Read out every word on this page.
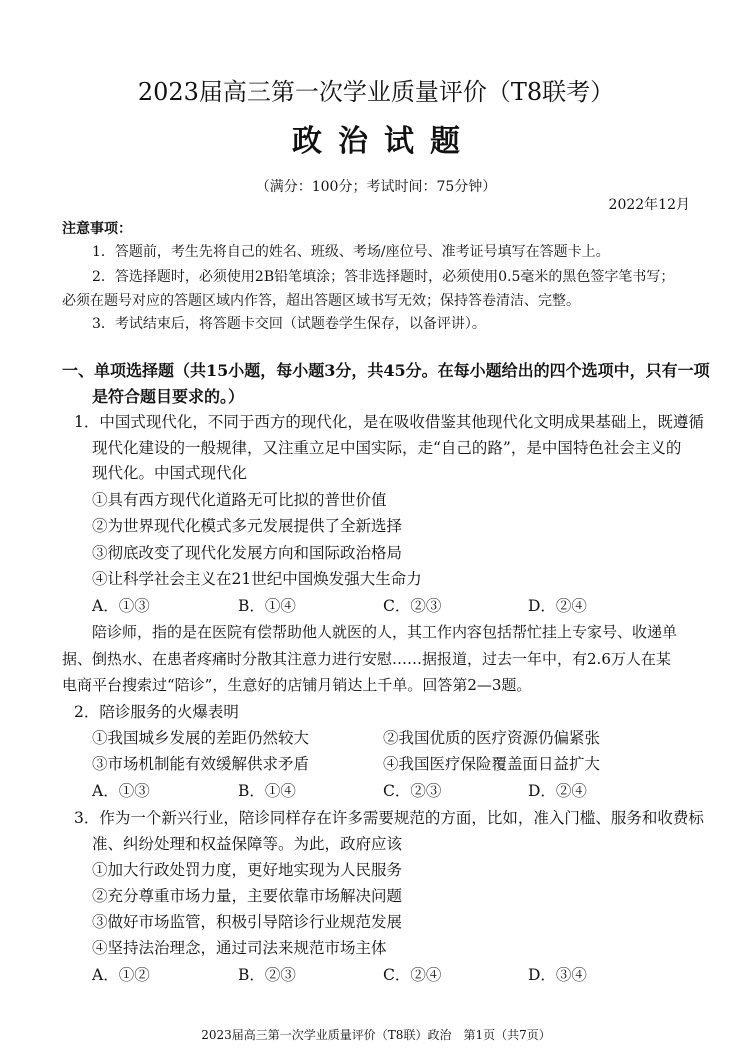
2023届高三第一次学业质量评价（T8联考）
政治试题
（满分：100分；考试时间：75分钟）
2022年12月
注意事项：
1．答题前，考生先将自己的姓名、班级、考场/座位号、准考证号填写在答题卡上。
2．答选择题时，必须使用2B铅笔填涂；答非选择题时，必须使用0.5毫米的黑色签字笔书写；
必须在题号对应的答题区域内作答，超出答题区域书写无效；保持答卷清洁、完整。
3．考试结束后，将答题卡交回（试题卷学生保存，以备评讲）。
一、单项选择题（共15小题，每小题3分，共45分。在每小题给出的四个选项中，只有一项
是符合题目要求的。）
1．中国式现代化，不同于西方的现代化，是在吸收借鉴其他现代化文明成果基础上，既遵循
现代化建设的一般规律，又注重立足中国实际，走“自己的路”，是中国特色社会主义的
现代化。中国式现代化
①具有西方现代化道路无可比拟的普世价值
②为世界现代化模式多元发展提供了全新选择
③彻底改变了现代化发展方向和国际政治格局
④让科学社会主义在21世纪中国焕发强大生命力
A．①③	B．①④	C．②③	D．②④
陪诊师，指的是在医院有偿帮助他人就医的人，其工作内容包括帮忙挂上专家号、收递单
据、倒热水、在患者疼痛时分散其注意力进行安慰……据报道，过去一年中，有2.6万人在某
电商平台搜索过“陪诊”，生意好的店铺月销达上千单。回答第2—3题。
2．陪诊服务的火爆表明
①我国城乡发展的差距仍然较大	②我国优质的医疗资源仍偏紧张
③市场机制能有效缓解供求矛盾	④我国医疗保险覆盖面日益扩大
A．①③	B．①④	C．②③	D．②④
3．作为一个新兴行业，陪诊同样存在许多需要规范的方面，比如，准入门槛、服务和收费标
准、纠纷处理和权益保障等。为此，政府应该
①加大行政处罚力度，更好地实现为人民服务
②充分尊重市场力量，主要依靠市场解决问题
③做好市场监管，积极引导陪诊行业规范发展
④坚持法治理念，通过司法来规范市场主体
A．①②	B．②③	C．②④	D．③④
2023届高三第一次学业质量评价（T8联）政治　第1页（共7页）
